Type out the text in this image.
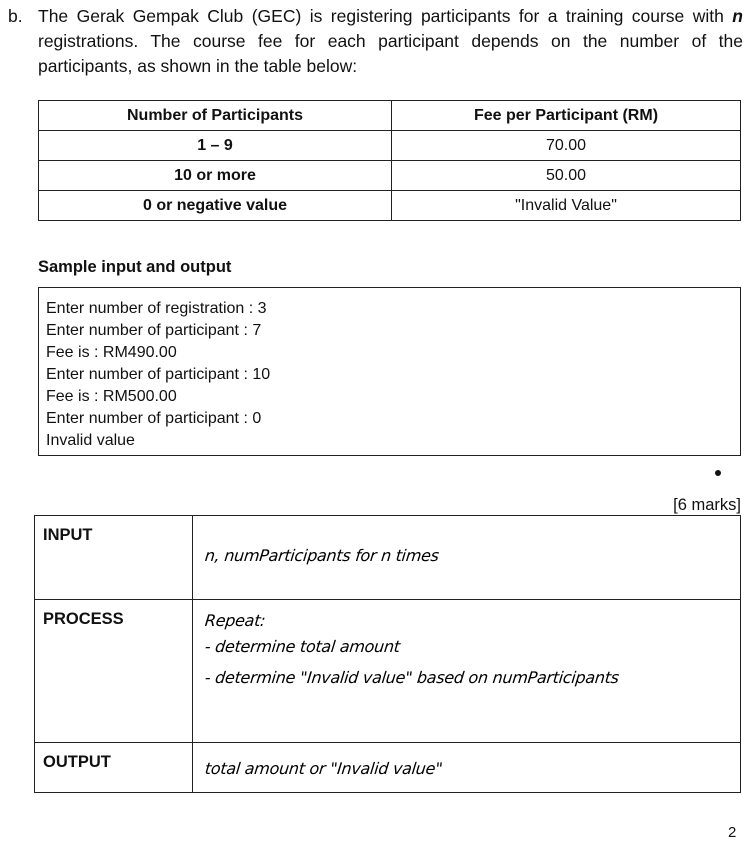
b. The Gerak Gempak Club (GEC) is registering participants for a training course with n registrations. The course fee for each participant depends on the number of the participants, as shown in the table below:
Number of Participants	Fee per Participant (RM)
1 – 9	70.00
10 or more	50.00
0 or negative value	"Invalid Value"
Sample input and output
Enter number of registration : 3
Enter number of participant : 7
Fee is : RM490.00
Enter number of participant : 10
Fee is : RM500.00
Enter number of participant : 0
Invalid value
[6 marks]
INPUT	n, numParticipants for n times

PROCESS	Repeat:
- determine total amount
- determine "Invalid value" based on numParticipants

OUTPUT	total amount or "Invalid value"
2
